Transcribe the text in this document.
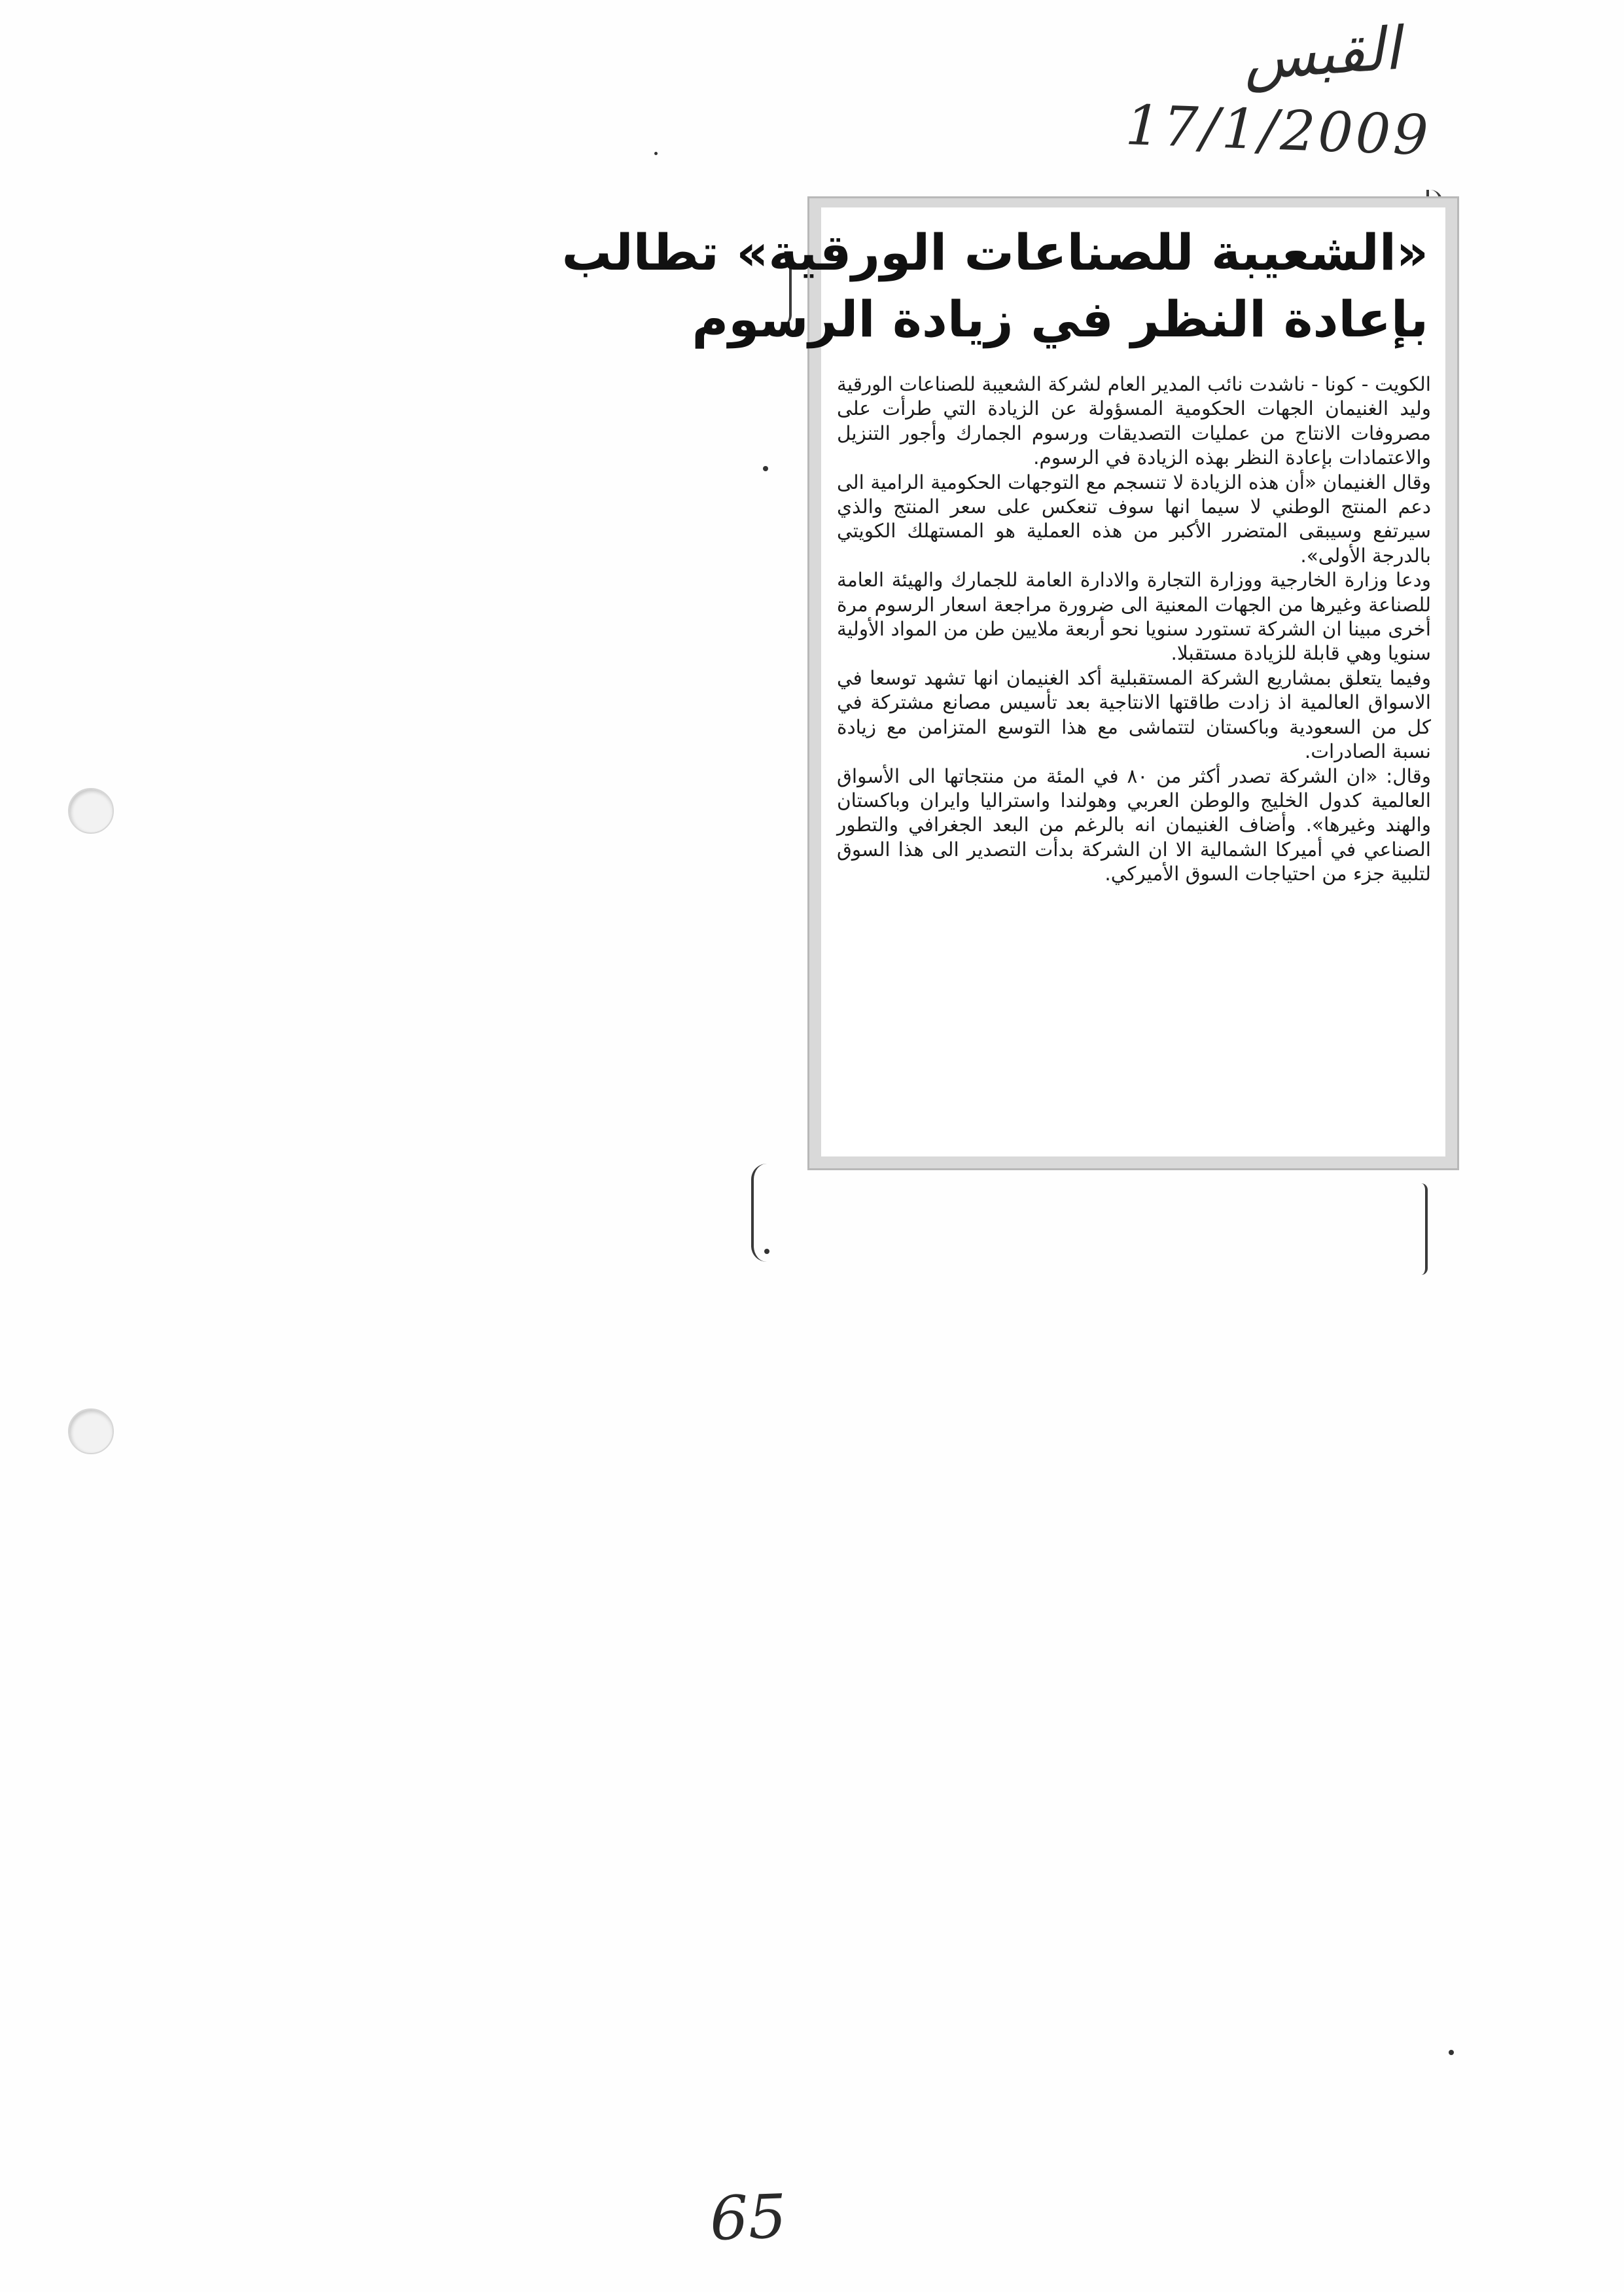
القبس
17/1/2009
«الشعيبة للصناعات الورقية» تطالب
بإعادة النظر في زيادة الرسوم

الكويت - كونا - ناشدت نائب المدير العام لشركة الشعيبة للصناعات الورقية وليد الغنيمان الجهات الحكومية المسؤولة عن الزيادة التي طرأت على مصروفات الانتاج من عمليات التصديقات ورسوم الجمارك وأجور التنزيل والاعتمادات بإعادة النظر بهذه الزيادة في الرسوم.

وقال الغنيمان «أن هذه الزيادة لا تنسجم مع التوجهات الحكومية الرامية الى دعم المنتج الوطني لا سيما انها سوف تنعكس على سعر المنتج والذي سيرتفع وسيبقى المتضرر الأكبر من هذه العملية هو المستهلك الكويتي بالدرجة الأولى».

ودعا وزارة الخارجية ووزارة التجارة والادارة العامة للجمارك والهيئة العامة للصناعة وغيرها من الجهات المعنية الى ضرورة مراجعة اسعار الرسوم مرة أخرى مبينا ان الشركة تستورد سنويا نحو أربعة ملايين طن من المواد الأولية سنويا وهي قابلة للزيادة مستقبلا.

وفيما يتعلق بمشاريع الشركة المستقبلية أكد الغنيمان انها تشهد توسعا في الاسواق العالمية اذ زادت طاقتها الانتاجية بعد تأسيس مصانع مشتركة في كل من السعودية وباكستان لتتماشى مع هذا التوسع المتزامن مع زيادة نسبة الصادرات.

وقال: «ان الشركة تصدر أكثر من ٨٠ في المئة من منتجاتها الى الأسواق العالمية كدول الخليج والوطن العربي وهولندا واستراليا وايران وباكستان والهند وغيرها». وأضاف الغنيمان انه بالرغم من البعد الجغرافي والتطور الصناعي في أميركا الشمالية الا ان الشركة بدأت التصدير الى هذا السوق لتلبية جزء من احتياجات السوق الأميركي.

65
